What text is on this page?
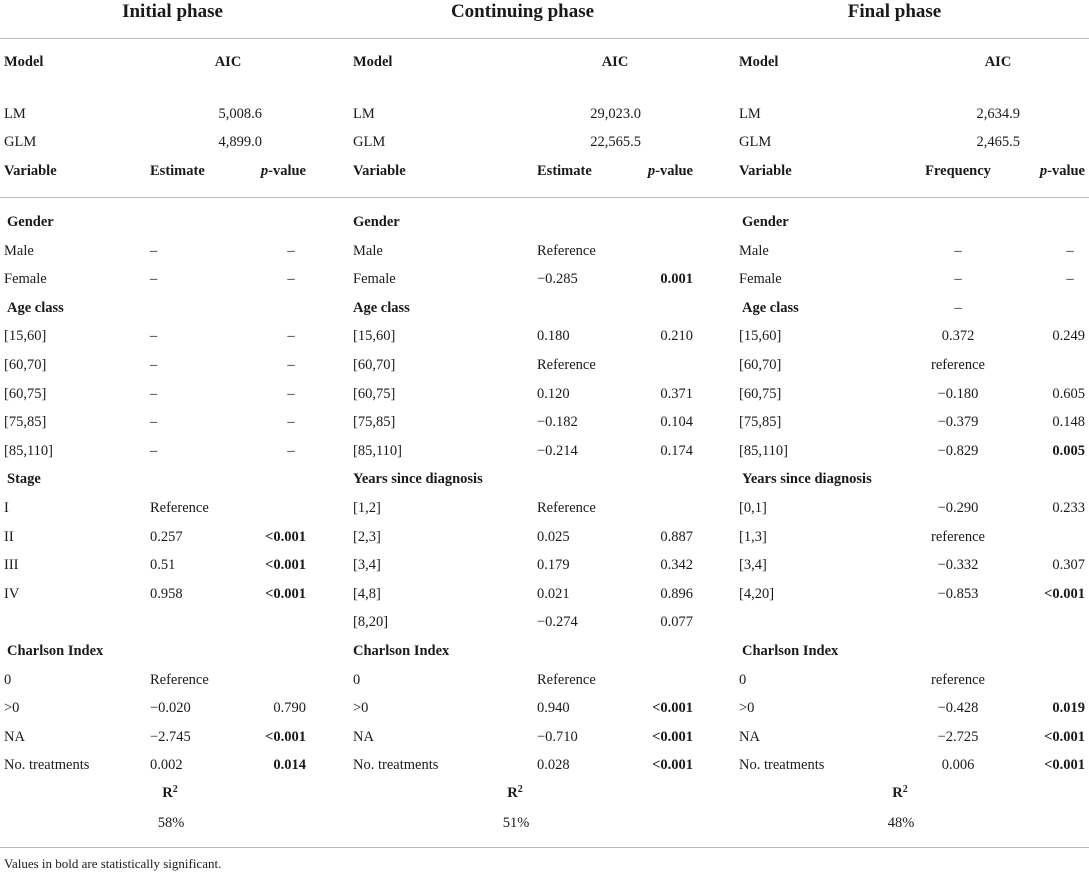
Initial phase
Model	AIC
LM	5,008.6
GLM	4,899.0
Variable	Estimate	p-value
Gender
Male	–	–
Female	–	–
Age class
[15,60]	–	–
[60,70]	–	–
[60,75]	–	–
[75,85]	–	–
[85,110]	–	–
Stage
I	Reference
II	0.257	<0.001
III	0.51	<0.001
IV	0.958	<0.001
Charlson Index
0	Reference
>0	−0.020	0.790
NA	−2.745	<0.001
No. treatments	0.002	0.014
$R^2$
58%
Continuing phase
Model	AIC
LM	29,023.0
GLM	22,565.5
Variable	Estimate	p-value
Gender
Male	Reference
Female	−0.285	0.001
Age class
[15,60]	0.180	0.210
[60,70]	Reference
[60,75]	0.120	0.371
[75,85]	−0.182	0.104
[85,110]	−0.214	0.174
Years since diagnosis
[1,2]	Reference
[2,3]	0.025	0.887
[3,4]	0.179	0.342
[4,8]	0.021	0.896
[8,20]	−0.274	0.077
Charlson Index
0	Reference
>0	0.940	<0.001
NA	−0.710	<0.001
No. treatments	0.028	<0.001
$R^2$
51%
Final phase
Model	AIC
LM	2,634.9
GLM	2,465.5
Variable	Frequency	p-value
Gender
Male	–	–
Female	–	–
Age class	–
[15,60]	0.372	0.249
[60,70]	reference
[60,75]	−0.180	0.605
[75,85]	−0.379	0.148
[85,110]	−0.829	0.005
Years since diagnosis
[0,1]	−0.290	0.233
[1,3]	reference
[3,4]	−0.332	0.307
[4,20]	−0.853	<0.001
Charlson Index
0	reference
>0	−0.428	0.019
NA	−2.725	<0.001
No. treatments	0.006	<0.001
$R^2$
48%
Values in bold are statistically significant.
